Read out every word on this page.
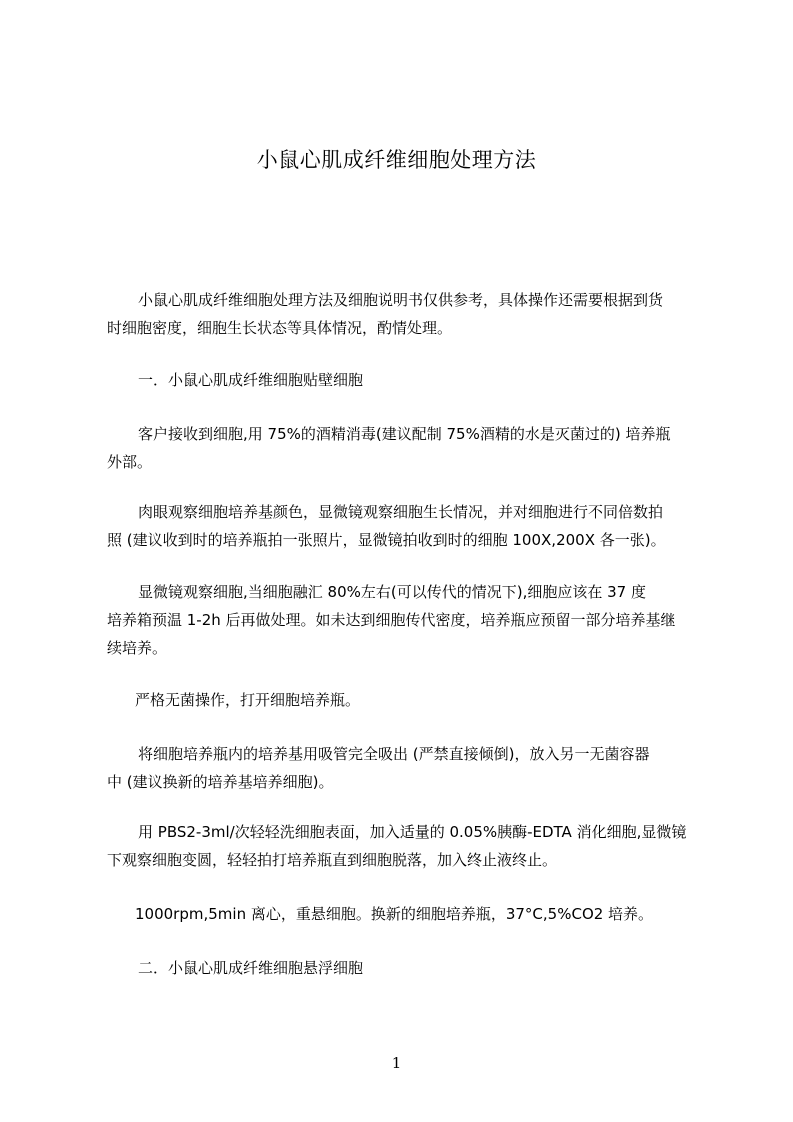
小鼠心肌成纤维细胞处理方法
小鼠心肌成纤维细胞处理方法及细胞说明书仅供参考，具体操作还需要根据到货
时细胞密度，细胞生长状态等具体情况，酌情处理。
一．小鼠心肌成纤维细胞贴壁细胞
客户接收到细胞,用 75%的酒精消毒(建议配制 75%酒精的水是灭菌过的) 培养瓶
外部。
肉眼观察细胞培养基颜色，显微镜观察细胞生长情况，并对细胞进行不同倍数拍
照 (建议收到时的培养瓶拍一张照片，显微镜拍收到时的细胞 100X,200X 各一张)。
显微镜观察细胞,当细胞融汇 80%左右(可以传代的情况下),细胞应该在 37 度
培养箱预温 1-2h 后再做处理。如未达到细胞传代密度，培养瓶应预留一部分培养基继
续培养。
严格无菌操作，打开细胞培养瓶。
将细胞培养瓶内的培养基用吸管完全吸出 (严禁直接倾倒)，放入另一无菌容器
中 (建议换新的培养基培养细胞)。
用 PBS2-3ml/次轻轻洗细胞表面，加入适量的 0.05%胰酶-EDTA 消化细胞,显微镜
下观察细胞变圆，轻轻拍打培养瓶直到细胞脱落，加入终止液终止。
1000rpm,5min 离心，重悬细胞。换新的细胞培养瓶，37°C,5%CO2 培养。
二．小鼠心肌成纤维细胞悬浮细胞
1
